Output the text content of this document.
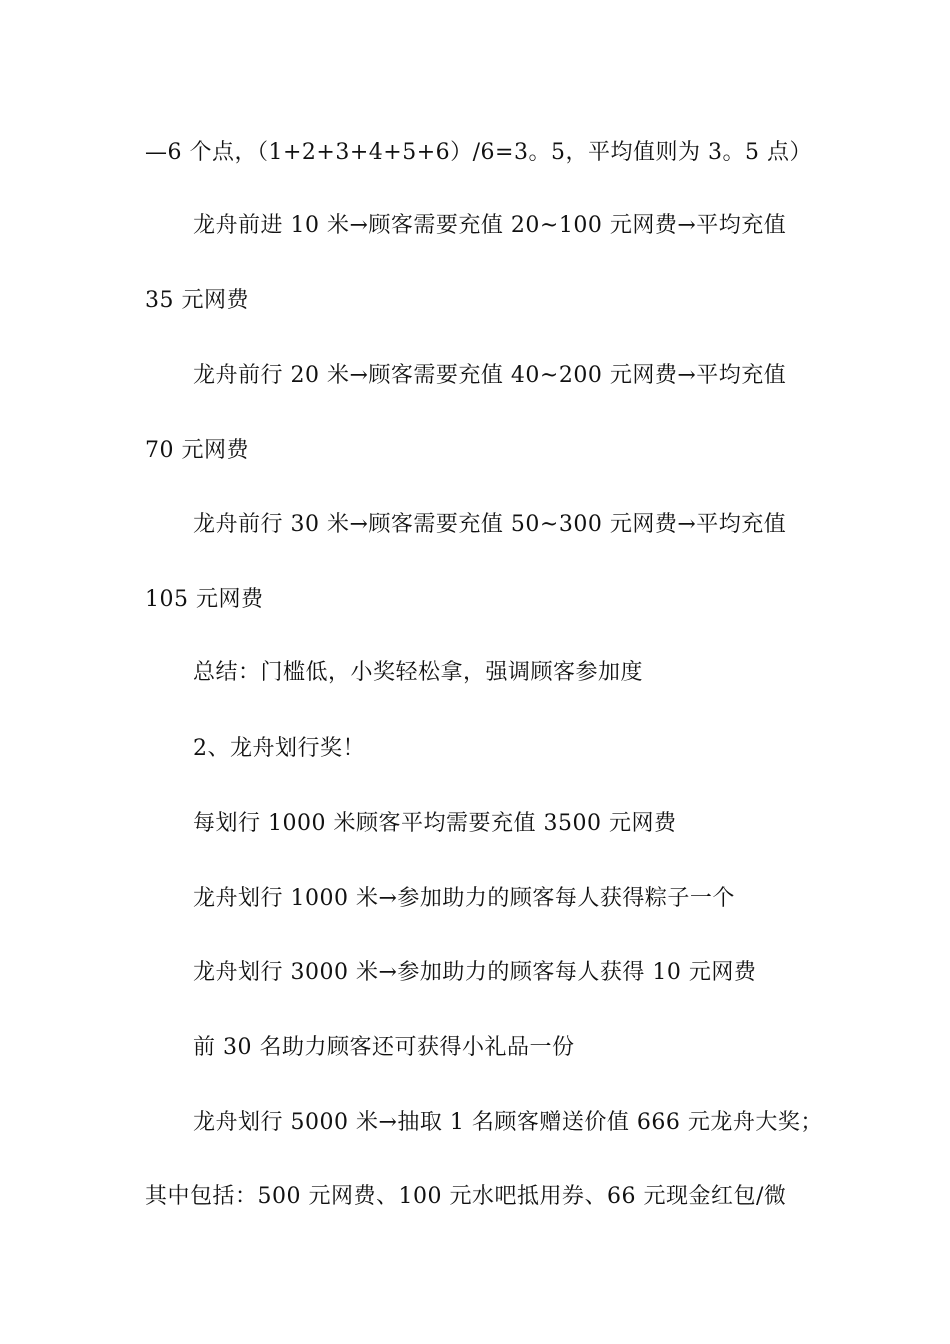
—6 个点，（1+2+3+4+5+6）/6=3。5，平均值则为 3。5 点）
龙舟前进 10 米→顾客需要充值 20~100 元网费→平均充值
35 元网费
龙舟前行 20 米→顾客需要充值 40~200 元网费→平均充值
70 元网费
龙舟前行 30 米→顾客需要充值 50~300 元网费→平均充值
105 元网费
总结：门槛低，小奖轻松拿，强调顾客参加度
2、龙舟划行奖！
每划行 1000 米顾客平均需要充值 3500 元网费
龙舟划行 1000 米→参加助力的顾客每人获得粽子一个
龙舟划行 3000 米→参加助力的顾客每人获得 10 元网费
前 30 名助力顾客还可获得小礼品一份
龙舟划行 5000 米→抽取 1 名顾客赠送价值 666 元龙舟大奖；
其中包括：500 元网费、100 元水吧抵用券、66 元现金红包/微
